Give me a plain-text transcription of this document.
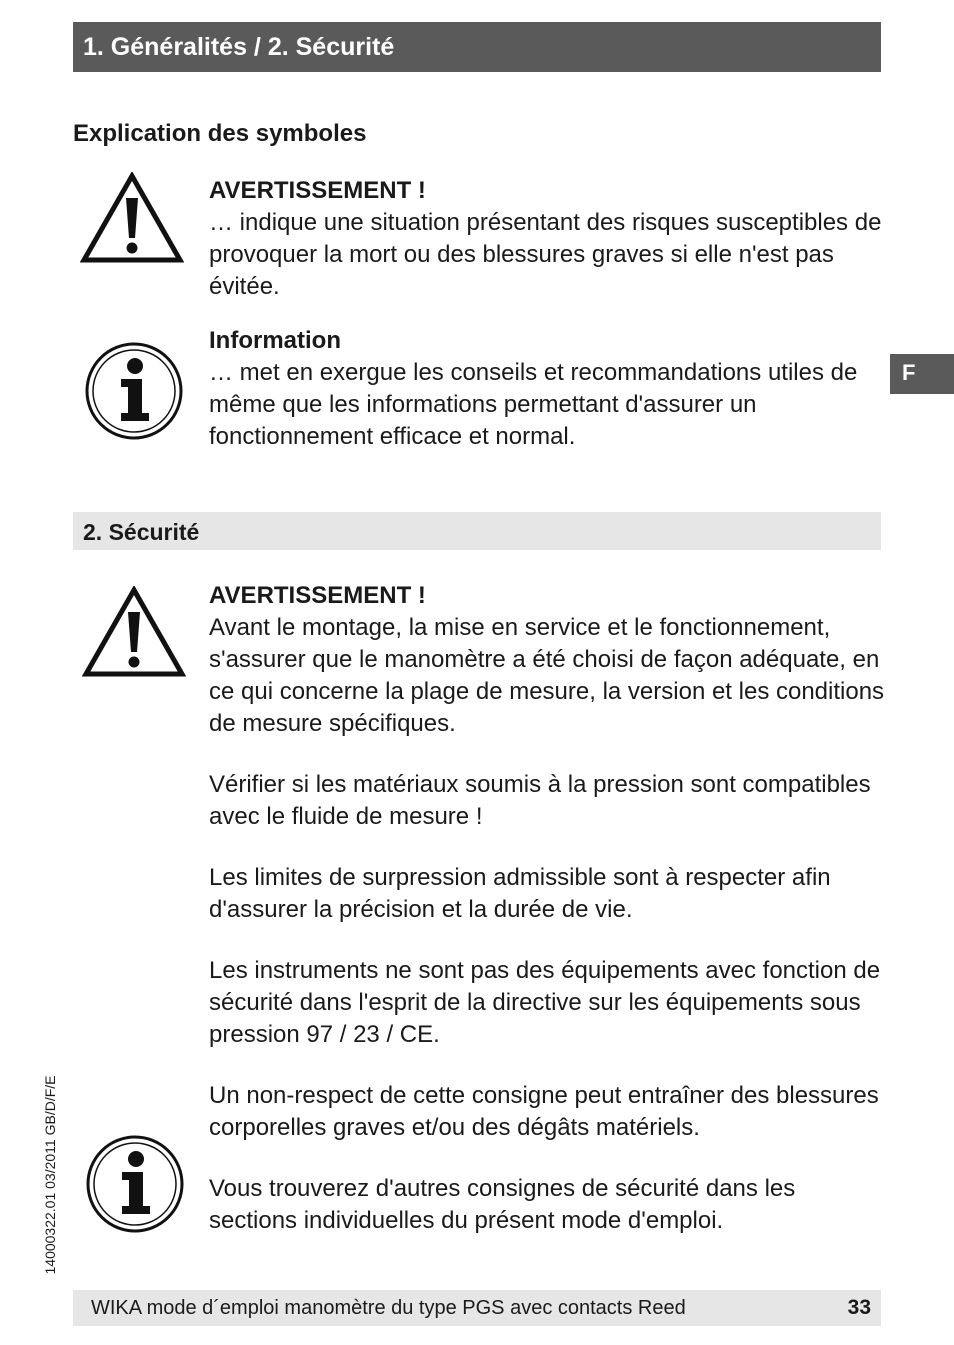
1. Généralités / 2. Sécurité
Explication des symboles
AVERTISSEMENT !

… indique une situation présentant des risques susceptibles de provoquer la mort ou des blessures graves si elle n'est pas évitée.

Information

… met en exergue les conseils et recommandations utiles de même que les informations permettant d'assurer un fonctionnement efficace et normal.

F
2. Sécurité
AVERTISSEMENT !

Avant le montage, la mise en service et le fonctionnement, s'assurer que le manomètre a été choisi de façon adéquate, en ce qui concerne la plage de mesure, la version et les conditions de mesure spécifiques.

Vérifier si les matériaux soumis à la pression sont compatibles avec le fluide de mesure !

Les limites de surpression admissible sont à respecter afin d'assurer la précision et la durée de vie.

Les instruments ne sont pas des équipements avec fonction de sécurité dans l'esprit de la directive sur les équipements sous pression 97 / 23 / CE.

Un non-respect de cette consigne peut entraîner des blessures corporelles graves et/ou des dégâts matériels.

Vous trouverez d'autres consignes de sécurité dans les sections individuelles du présent mode d'emploi.

14000322.01 03/2011 GB/D/F/E
WIKA mode d´emploi manomètre du type PGS avec contacts Reed	33
